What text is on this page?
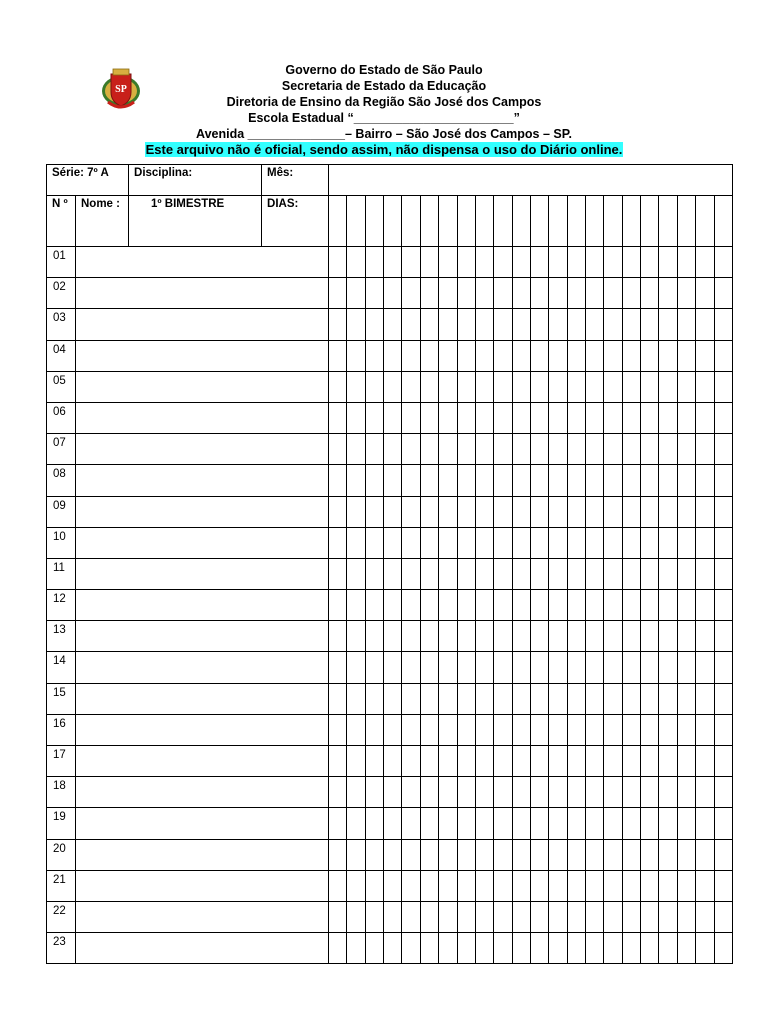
SP
Governo do Estado de São Paulo
Secretaria de Estado da Educação
Diretoria de Ensino da Região São José dos Campos
Escola Estadual “_______________________”
Avenida ______________– Bairro – São José dos Campos – SP.
Este arquivo não é oficial, sendo assim, não dispensa o uso do Diário online.
Série: 7º A		Disciplina:	Mês:																						

N º	Nome :	1º BIMESTRE	DIAS:																						

01																									

02																									

03																									

04																									

05																									

06																									

07																									

08																									

09																									

10																									

11																									

12																									

13																									

14																									

15																									

16																									

17																									

18																									

19																									

20																									

21																									

22																									

23																									
